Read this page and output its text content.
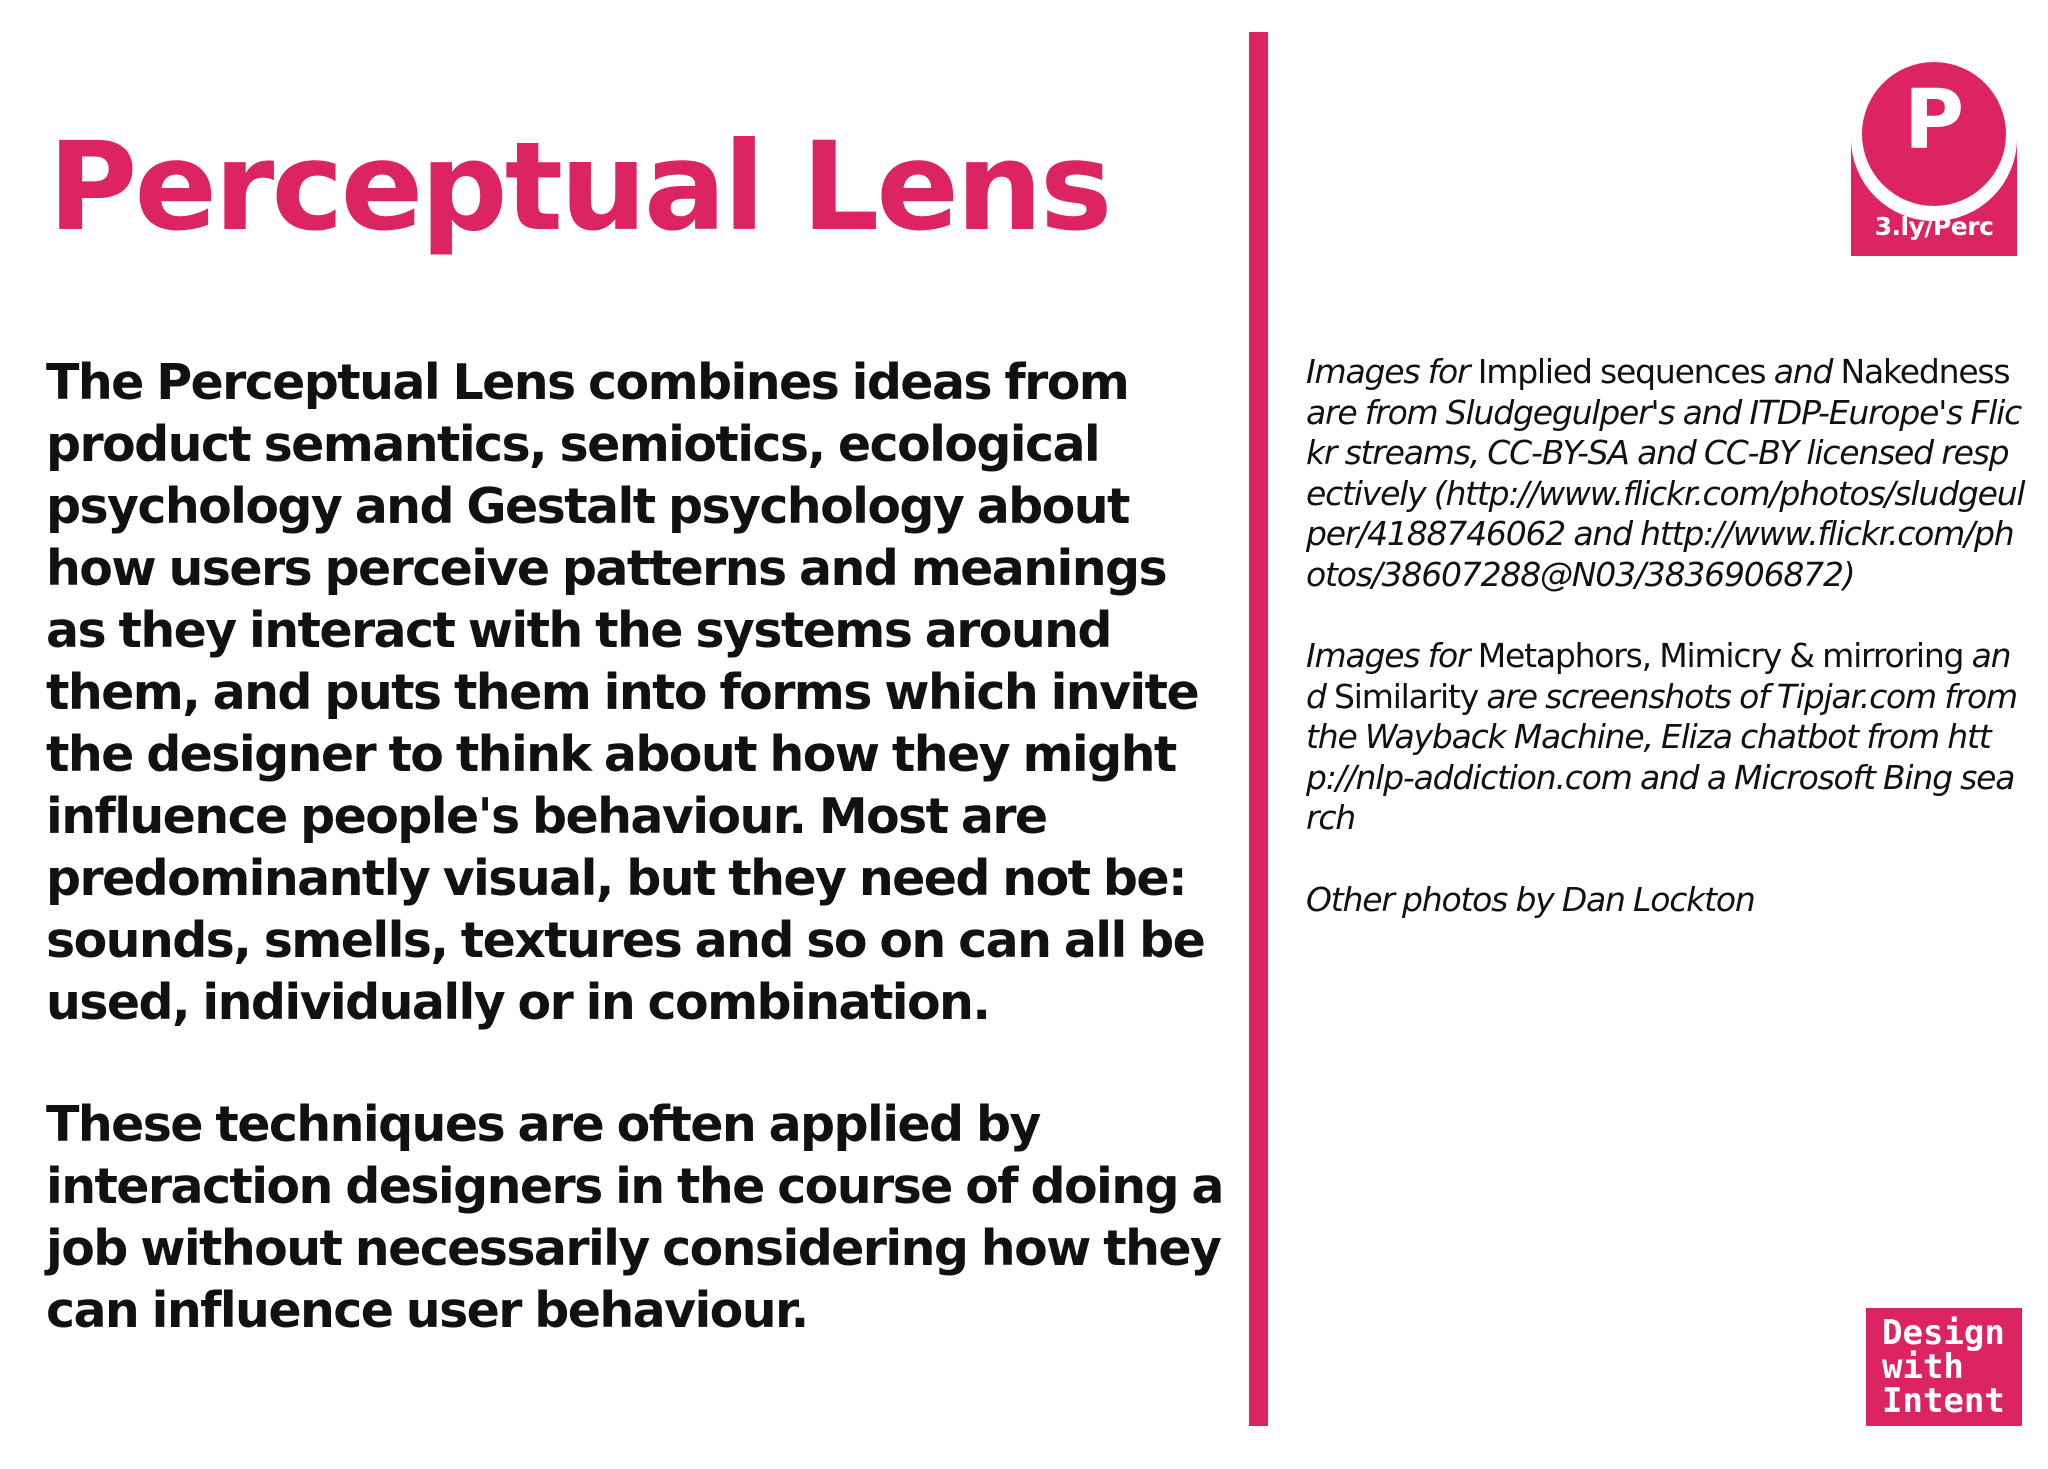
Perceptual Lens

The Perceptual Lens combines ideas from product semantics, semiotics, ecological psychology and Gestalt psychology about how users perceive patterns and meanings as they interact with the systems around them, and puts them into forms which invite the designer to think about how they might influence people's behaviour. Most are predominantly visual, but they need not be: sounds, smells, textures and so on can all be used, individually or in combination.

These techniques are often applied by interaction designers in the course of doing a job without necessarily considering how they can influence user behaviour.

Images for Implied sequences and Nakedness are from Sludgegulper's and ITDP-Europe's Flickr streams, CC-BY-SA and CC-BY licensed respectively (http://www.flickr.com/photos/sludgeulper/4188746062 and http://www.flickr.com/photos/38607288@N03/3836906872)

Images for Metaphors, Mimicry & mirroring and Similarity are screenshots of Tipjar.com from the Wayback Machine, Eliza chatbot from http://nlp-addiction.com and a Microsoft Bing search

Other photos by Dan Lockton

P
3.ly/Perc
Design
with
Intent
